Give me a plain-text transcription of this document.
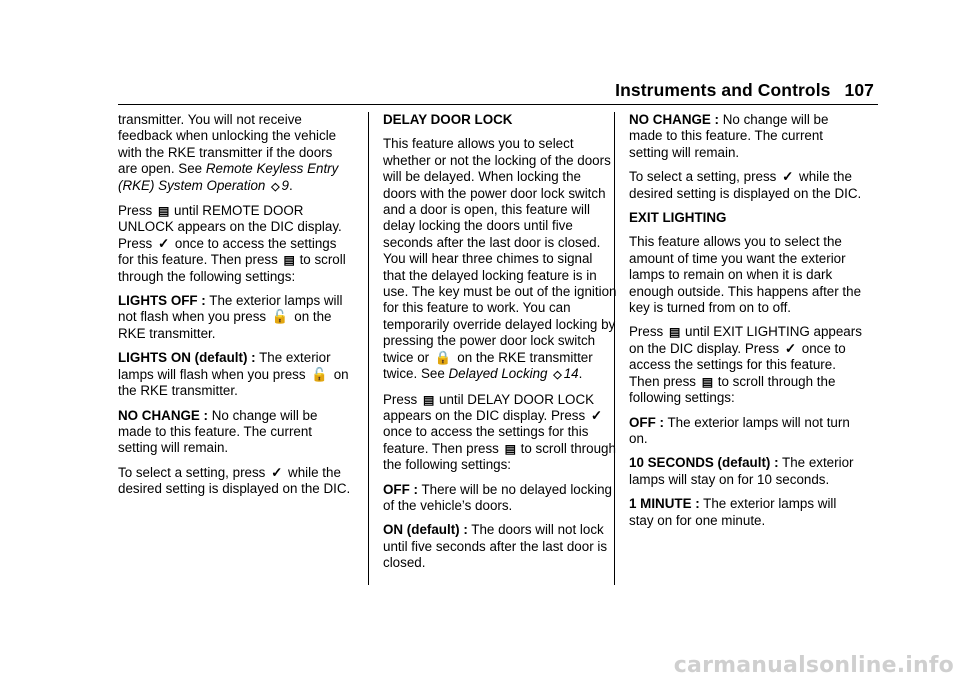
Instruments and Controls 107

transmitter. You will not receive feedback when unlocking the vehicle with the RKE transmitter if the doors are open. See Remote Keyless Entry (RKE) System Operation ◇ 9.

Press ▤ until REMOTE DOOR UNLOCK appears on the DIC display. Press ✓ once to access the settings for this feature. Then press ▤ to scroll through the following settings:

LIGHTS OFF : The exterior lamps will not flash when you press 🔓 on the RKE transmitter.

LIGHTS ON (default) : The exterior lamps will flash when you press 🔓 on the RKE transmitter.

NO CHANGE : No change will be made to this feature. The current setting will remain.

To select a setting, press ✓ while the desired setting is displayed on the DIC.

DELAY DOOR LOCK

This feature allows you to select whether or not the locking of the doors will be delayed. When locking the doors with the power door lock switch and a door is open, this feature will delay locking the doors until five seconds after the last door is closed. You will hear three chimes to signal that the delayed locking feature is in use. The key must be out of the ignition for this feature to work. You can temporarily override delayed locking by pressing the power door lock switch twice or 🔒 on the RKE transmitter twice. See Delayed Locking ◇ 14.

Press ▤ until DELAY DOOR LOCK appears on the DIC display. Press ✓ once to access the settings for this feature. Then press ▤ to scroll through the following settings:

OFF : There will be no delayed locking of the vehicle’s doors.

ON (default) : The doors will not lock until five seconds after the last door is closed.

NO CHANGE : No change will be made to this feature. The current setting will remain.

To select a setting, press ✓ while the desired setting is displayed on the DIC.

EXIT LIGHTING

This feature allows you to select the amount of time you want the exterior lamps to remain on when it is dark enough outside. This happens after the key is turned from on to off.

Press ▤ until EXIT LIGHTING appears on the DIC display. Press ✓ once to access the settings for this feature. Then press ▤ to scroll through the following settings:

OFF : The exterior lamps will not turn on.

10 SECONDS (default) : The exterior lamps will stay on for 10 seconds.

1 MINUTE : The exterior lamps will stay on for one minute.

carmanualsonline.info
